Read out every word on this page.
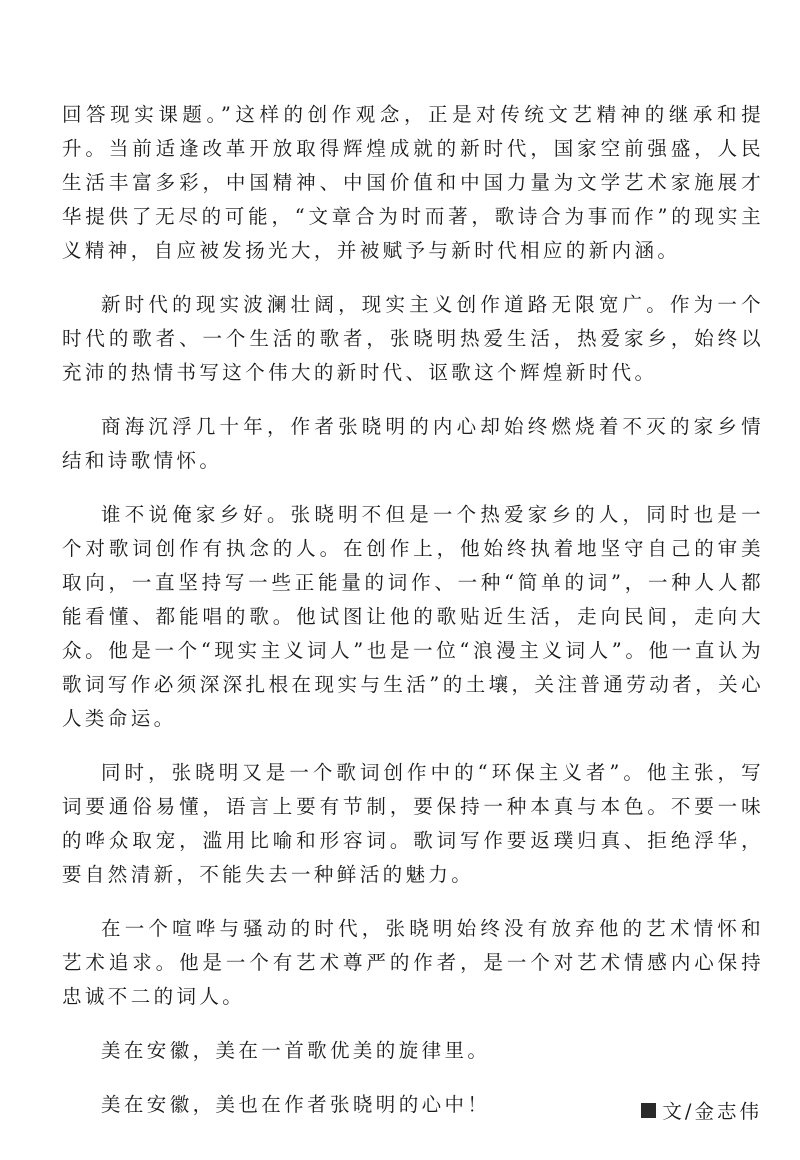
回答现实课题。”这样的创作观念，正是对传统文艺精神的继承和提升。当前适逢改革开放取得辉煌成就的新时代，国家空前强盛，人民生活丰富多彩，中国精神、中国价值和中国力量为文学艺术家施展才华提供了无尽的可能，“文章合为时而著，歌诗合为事而作”的现实主义精神，自应被发扬光大，并被赋予与新时代相应的新内涵。

新时代的现实波澜壮阔，现实主义创作道路无限宽广。作为一个时代的歌者、一个生活的歌者，张晓明热爱生活，热爱家乡，始终以充沛的热情书写这个伟大的新时代、讴歌这个辉煌新时代。

商海沉浮几十年，作者张晓明的内心却始终燃烧着不灭的家乡情结和诗歌情怀。

谁不说俺家乡好。张晓明不但是一个热爱家乡的人，同时也是一个对歌词创作有执念的人。在创作上，他始终执着地坚守自己的审美取向，一直坚持写一些正能量的词作、一种“简单的词”，一种人人都能看懂、都能唱的歌。他试图让他的歌贴近生活，走向民间，走向大众。他是一个“现实主义词人”也是一位“浪漫主义词人”。他一直认为歌词写作必须深深扎根在现实与生活”的土壤，关注普通劳动者，关心人类命运。

同时，张晓明又是一个歌词创作中的“环保主义者”。他主张，写词要通俗易懂，语言上要有节制，要保持一种本真与本色。不要一味的哗众取宠，滥用比喻和形容词。歌词写作要返璞归真、拒绝浮华，要自然清新，不能失去一种鲜活的魅力。

在一个喧哗与骚动的时代，张晓明始终没有放弃他的艺术情怀和艺术追求。他是一个有艺术尊严的作者，是一个对艺术情感内心保持忠诚不二的词人。

美在安徽，美在一首歌优美的旋律里。

美在安徽，美也在作者张晓明的心中！	文/金志伟
